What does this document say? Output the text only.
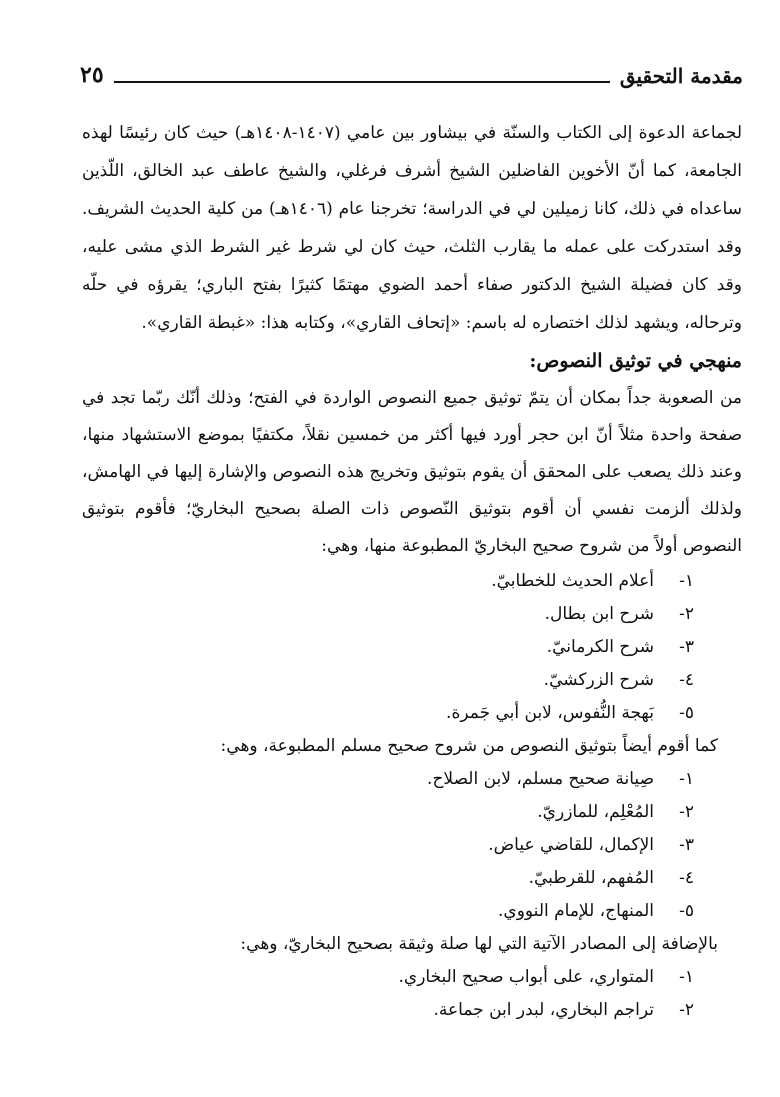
مقدمة التحقيق
٢٥

لجماعة الدعوة إلى الكتاب والسنّة في بيشاور بين عامي (١٤٠٧-١٤٠٨هـ) حيث كان رئيسًا لهذه الجامعة، كما أنّ الأخوين الفاضلين الشيخ أشرف فرغلي، والشيخ عاطف عبد الخالق، اللّذين ساعداه في ذلك، كانا زميلين لي في الدراسة؛ تخرجنا عام (١٤٠٦هـ) من كلية الحديث الشريف. وقد استدركت على عمله ما يقارب الثلث، حيث كان لي شرط غير الشرط الذي مشى عليه، وقد كان فضيلة الشيخ الدكتور صفاء أحمد الضوي مهتمًا كثيرًا بفتح الباري؛ يقرؤه في حلّه وترحاله، ويشهد لذلك اختصاره له باسم: «إتحاف القاري»، وكتابه هذا: «غبطة القاري».

منهجي في توثيق النصوص:

من الصعوبة جداً بمكان أن يتمّ توثيق جميع النصوص الواردة في الفتح؛ وذلك أنّك ربّما تجد في صفحة واحدة مثلاً أنّ ابن حجر أورد فيها أكثر من خمسين نقلاً، مكتفيًا بموضع الاستشهاد منها، وعند ذلك يصعب على المحقق أن يقوم بتوثيق وتخريج هذه النصوص والإشارة إليها في الهامش، ولذلك ألزمت نفسي أن أقوم بتوثيق النّصوص ذات الصلة بصحيح البخاريّ؛ فأقوم بتوثيق النصوص أولاً من شروح صحيح البخاريّ المطبوعة منها، وهي:

١-
أعلام الحديث للخطابيّ.
٢-
شرح ابن بطال.
٣-
شرح الكرمانيّ.
٤-
شرح الزركشيّ.
٥-
بَهجة النُّفوس، لابن أبي جَمرة.

كما أقوم أيضاً بتوثيق النصوص من شروح صحيح مسلم المطبوعة، وهي:

١-
صِيانة صحيح مسلم، لابن الصلاح.
٢-
المُعْلِم، للمازريّ.
٣-
الإكمال، للقاضي عياض.
٤-
المُفهم، للقرطبيّ.
٥-
المنهاج، للإمام النووي.

بالإضافة إلى المصادر الآتية التي لها صلة وثيقة بصحيح البخاريّ، وهي:

١-
المتواري، على أبواب صحيح البخاري.
٢-
تراجم البخاري، لبدر ابن جماعة.
